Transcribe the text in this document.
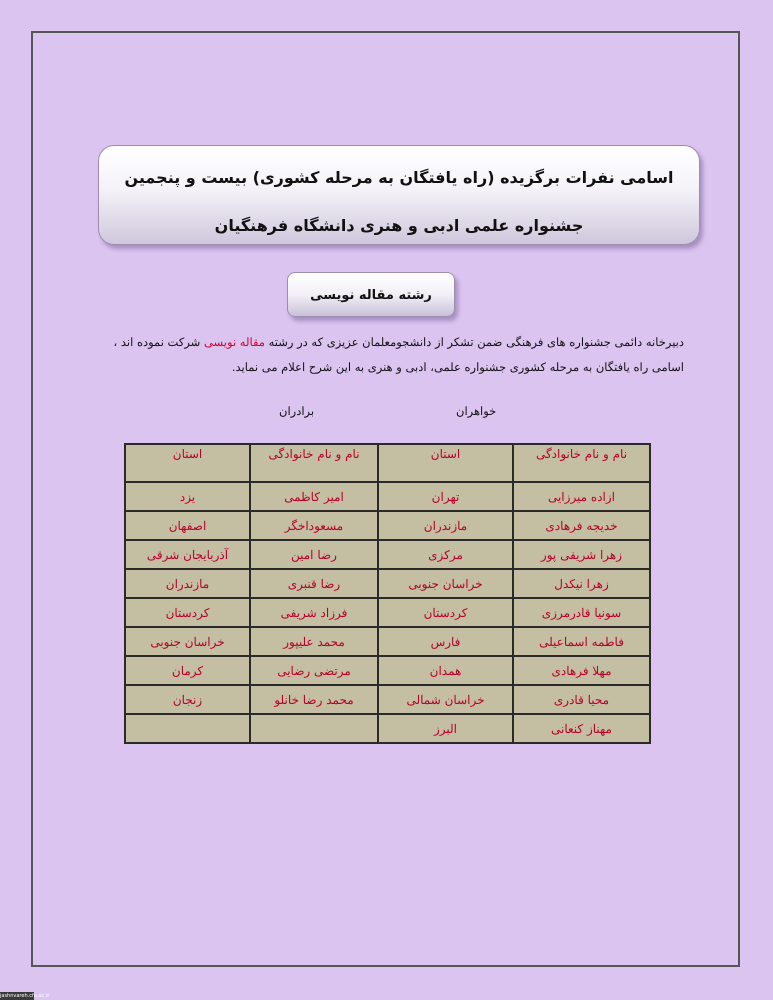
اسامی نفرات برگزیده (راه یافتگان به مرحله کشوری) بیست و پنجمین
جشنواره علمی ادبی و هنری دانشگاه فرهنگیان
رشته مقاله نویسی
دبیرخانه دائمی جشنواره های فرهنگی ضمن تشکر از دانشجومعلمان عزیزی که در رشته مقاله نویسی شرکت نموده اند ، اسامی راه یافتگان به مرحله کشوری جشنواره علمی، ادبی و هنری به این شرح اعلام می نماید.
خواهران
برادران
نام و نام خانوادگی	استان	نام و نام خانوادگی	استان
ازاده میرزایی	تهران	امیر کاظمی	یزد
خدیجه فرهادی	مازندران	مسعوداخگر	اصفهان
زهرا شریفی پور	مرکزی	رضا امین	آذربایجان شرقی
زهرا نیکدل	خراسان جنوبی	رضا قنبری	مازندران
سونیا قادرمرزی	کردستان	فرزاد شریفی	کردستان
فاطمه اسماعیلی	فارس	محمد علیپور	خراسان جنوبی
مهلا فرهادی	همدان	مرتضی رضایی	کرمان
محیا قادری	خراسان شمالی	محمد رضا خانلو	زنجان
مهناز کنعانی	البرز		
jashnvareh.cfu.ac.ir
